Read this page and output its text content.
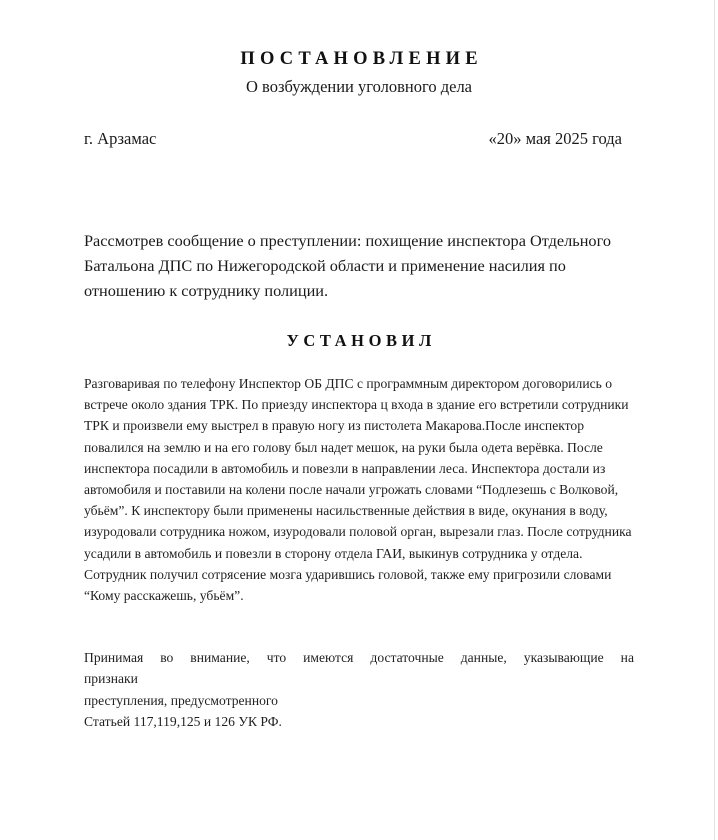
ПОСТАНОВЛЕНИЕ
О возбуждении уголовного дела
г. Арзамас	«20» мая 2025 года

Рассмотрев сообщение о преступлении: похищение инспектора Отдельного Батальона ДПС по Нижегородской области и применение насилия по отношению к сотруднику полиции.

УСТАНОВИЛ

Разговаривая по телефону Инспектор ОБ ДПС с программным директором договорились о встрече около здания ТРК. По приезду инспектора ц входа в здание его встретили сотрудники ТРК и произвели ему выстрел в правую ногу из пистолета Макарова.После инспектор повалился на землю и на его голову был надет мешок, на руки была одета верёвка. После инспектора посадили в автомобиль и повезли в направлении леса. Инспектора достали из автомобиля и поставили на колени после начали угрожать словами “Подлезешь с Волковой, убьём”. К инспектору были применены насильственные действия в виде, окунания в воду, изуродовали сотрудника ножом, изуродовали половой орган, вырезали глаз. После сотрудника усадили в автомобиль и повезли в сторону отдела ГАИ, выкинув сотрудника у отдела. Сотрудник получил сотрясение мозга ударившись головой, также ему пригрозили словами “Кому расскажешь, убьём”.

Принимая во внимание, что имеются достаточные данные, указывающие на

признаки

преступления, предусмотренного

Статьей 117,119,125 и 126 УК РФ.
